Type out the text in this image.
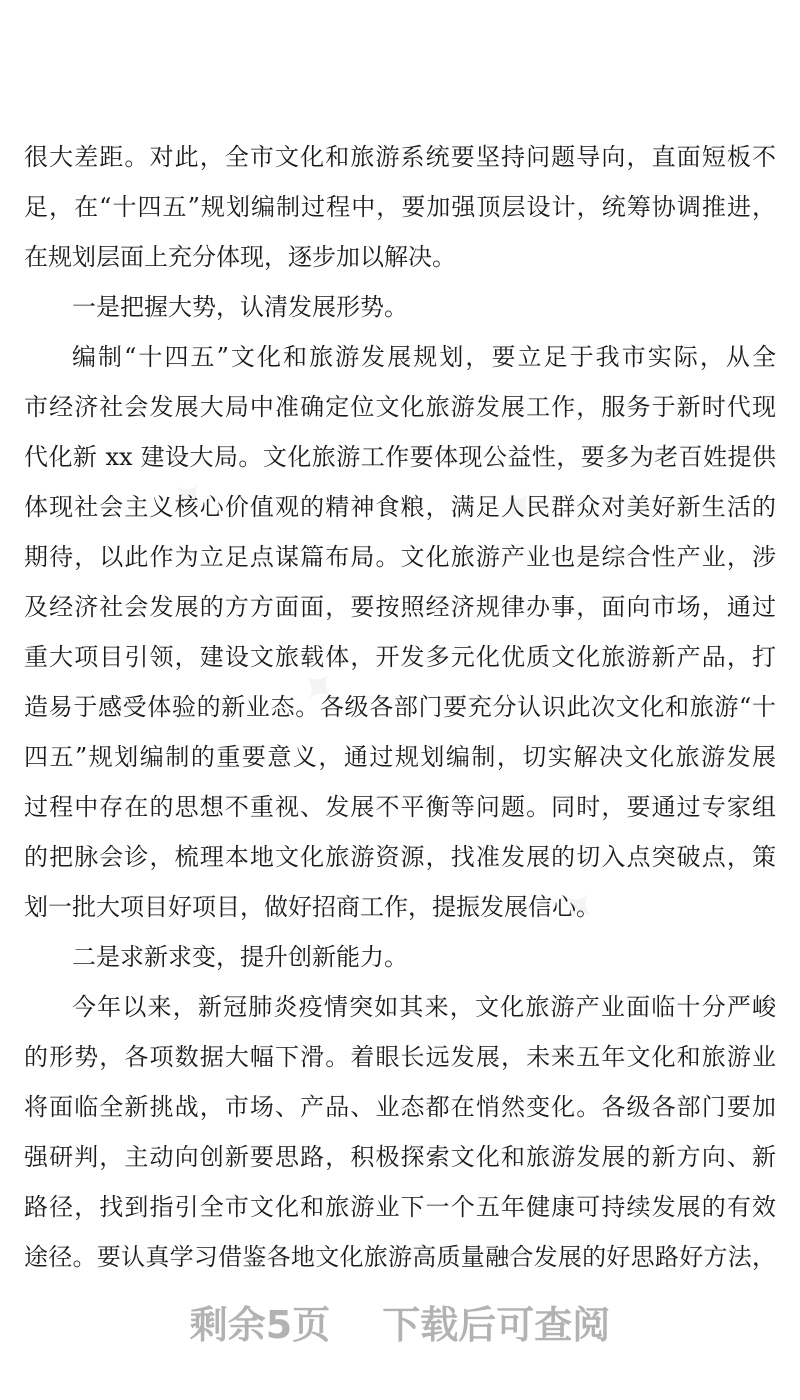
很大差距。对此，全市文化和旅游系统要坚持问题导向，直面短板不

足，在“十四五”规划编制过程中，要加强顶层设计，统筹协调推进，

在规划层面上充分体现，逐步加以解决。

一是把握大势，认清发展形势。

编制“十四五”文化和旅游发展规划，要立足于我市实际，从全

市经济社会发展大局中准确定位文化旅游发展工作，服务于新时代现

代化新 xx 建设大局。文化旅游工作要体现公益性，要多为老百姓提供

体现社会主义核心价值观的精神食粮，满足人民群众对美好新生活的

期待，以此作为立足点谋篇布局。文化旅游产业也是综合性产业，涉

及经济社会发展的方方面面，要按照经济规律办事，面向市场，通过

重大项目引领，建设文旅载体，开发多元化优质文化旅游新产品，打

造易于感受体验的新业态。各级各部门要充分认识此次文化和旅游“十

四五”规划编制的重要意义，通过规划编制，切实解决文化旅游发展

过程中存在的思想不重视、发展不平衡等问题。同时，要通过专家组

的把脉会诊，梳理本地文化旅游资源，找准发展的切入点突破点，策

划一批大项目好项目，做好招商工作，提振发展信心。

二是求新求变，提升创新能力。

今年以来，新冠肺炎疫情突如其来，文化旅游产业面临十分严峻

的形势，各项数据大幅下滑。着眼长远发展，未来五年文化和旅游业

将面临全新挑战，市场、产品、业态都在悄然变化。各级各部门要加

强研判，主动向创新要思路，积极探索文化和旅游发展的新方向、新

路径，找到指引全市文化和旅游业下一个五年健康可持续发展的有效

途径。要认真学习借鉴各地文化旅游高质量融合发展的好思路好方法，

剩余5页 下载后可查阅
